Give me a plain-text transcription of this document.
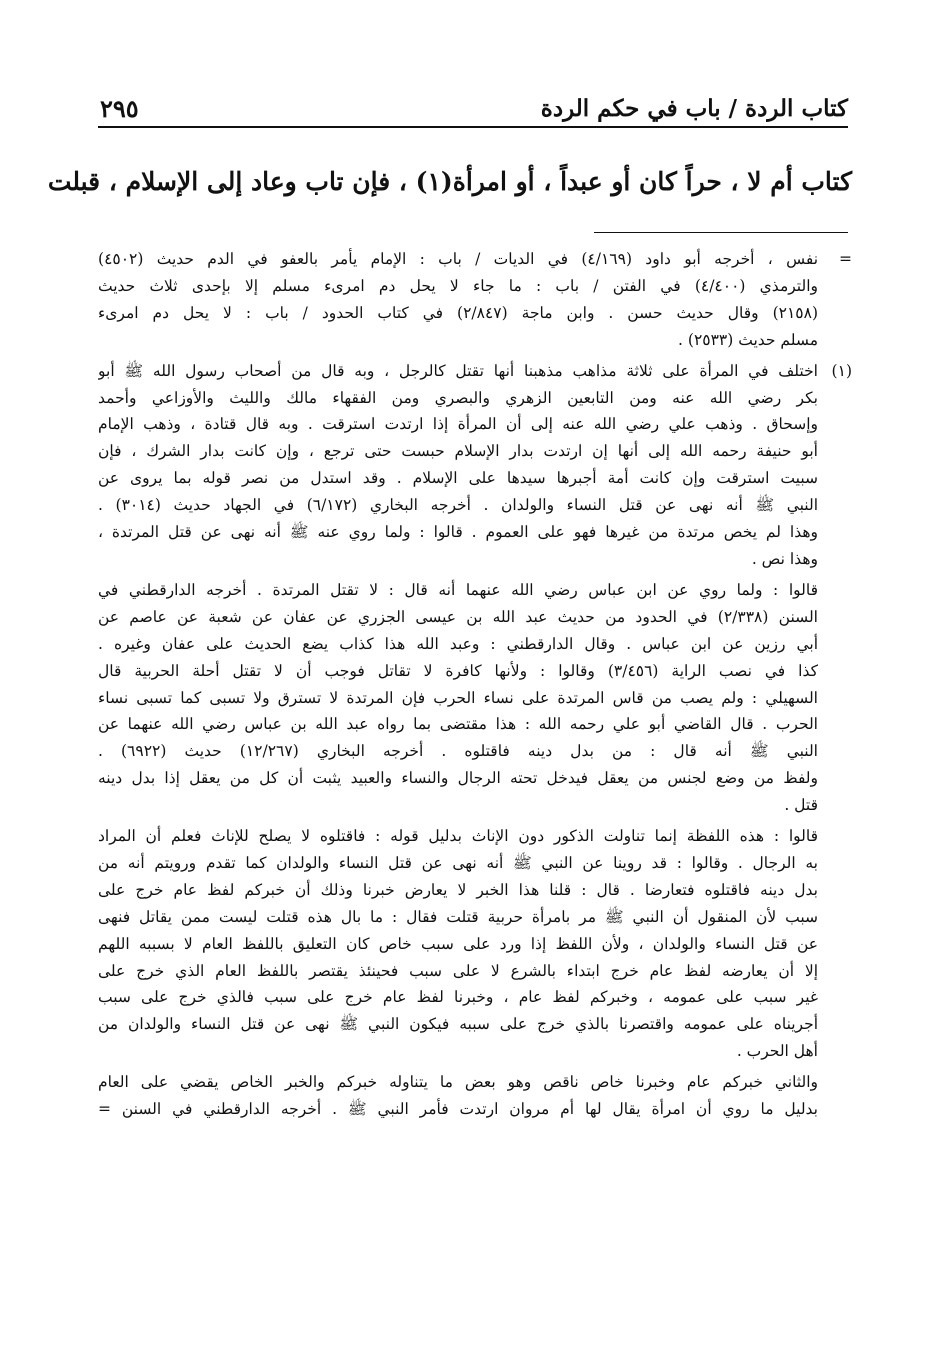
٢٩٥	كتاب الردة / باب في حكم الردة
كتاب أم لا ، حراً كان أو عبداً ، أو امرأة(١) ، فإن تاب وعاد إلى الإسلام ، قبلت
=
نفس ، أخرجه أبو داود (٤/١٦٩) في الديات / باب : الإمام يأمر بالعفو في الدم حديث (٤٥٠٢)
والترمذي (٤/٤٠٠) في الفتن / باب : ما جاء لا يحل دم امرىء مسلم إلا بإحدى ثلاث حديث
(٢١٥٨) وقال حديث حسن . وابن ماجة (٢/٨٤٧) في كتاب الحدود / باب : لا يحل دم امرىء
مسلم حديث (٢٥٣٣) .
(١)
اختلف في المرأة على ثلاثة مذاهب مذهبنا أنها تقتل كالرجل ، وبه قال من أصحاب رسول الله ﷺ أبو
بكر رضي الله عنه ومن التابعين الزهري والبصري ومن الفقهاء مالك والليث والأوزاعي وأحمد
وإسحاق . وذهب علي رضي الله عنه إلى أن المرأة إذا ارتدت استرقت . وبه قال قتادة ، وذهب الإمام
أبو حنيفة رحمه الله إلى أنها إن ارتدت بدار الإسلام حبست حتى ترجع ، وإن كانت بدار الشرك ، فإن
سبيت استرقت وإن كانت أمة أجبرها سيدها على الإسلام . وقد استدل من نصر قوله بما يروى عن
النبي ﷺ أنه نهى عن قتل النساء والولدان . أخرجه البخاري (٦/١٧٢) في الجهاد حديث (٣٠١٤) .
وهذا لم يخص مرتدة من غيرها فهو على العموم . قالوا : ولما روي عنه ﷺ أنه نهى عن قتل المرتدة ،
وهذا نص .
قالوا : ولما روي عن ابن عباس رضي الله عنهما أنه قال : لا تقتل المرتدة . أخرجه الدارقطني في
السنن (٢/٣٣٨) في الحدود من حديث عبد الله بن عيسى الجزري عن عفان عن شعبة عن عاصم عن
أبي رزين عن ابن عباس . وقال الدارقطني : وعبد الله هذا كذاب يضع الحديث على عفان وغيره .
كذا في نصب الراية (٣/٤٥٦) وقالوا : ولأنها كافرة لا تقاتل فوجب أن لا تقتل أحلة الحربية قال
السهيلي : ولم يصب من قاس المرتدة على نساء الحرب فإن المرتدة لا تسترق ولا تسبى كما تسبى نساء
الحرب . قال القاضي أبو علي رحمه الله : هذا مقتضى بما رواه عبد الله بن عباس رضي الله عنهما عن
النبي ﷺ أنه قال : من بدل دينه فاقتلوه . أخرجه البخاري (١٢/٢٦٧) حديث (٦٩٢٢) .
ولفظ من وضع لجنس من يعقل فيدخل تحته الرجال والنساء والعبيد يثبت أن كل من يعقل إذا بدل دينه
قتل .
قالوا : هذه اللفظة إنما تناولت الذكور دون الإناث بدليل قوله : فاقتلوه لا يصلح للإناث فعلم أن المراد
به الرجال . وقالوا : قد روينا عن النبي ﷺ أنه نهى عن قتل النساء والولدان كما تقدم ورويتم أنه من
بدل دينه فاقتلوه فتعارضا . قال : قلنا هذا الخبر لا يعارض خبرنا وذلك أن خبركم لفظ عام خرج على
سبب لأن المنقول أن النبي ﷺ مر بامرأة حربية قتلت فقال : ما بال هذه قتلت ليست ممن يقاتل فنهى
عن قتل النساء والولدان ، ولأن اللفظ إذا ورد على سبب خاص كان التعليق باللفظ العام لا بسببه اللهم
إلا أن يعارضه لفظ عام خرج ابتداء بالشرع لا على سبب فحينئذ يقتصر باللفظ العام الذي خرج على
غير سبب على عمومه ، وخبركم لفظ عام ، وخبرنا لفظ عام خرج على سبب فالذي خرج على سبب
أجريناه على عمومه واقتصرنا بالذي خرج على سببه فيكون النبي ﷺ نهى عن قتل النساء والولدان من
أهل الحرب .
والثاني خبركم عام وخبرنا خاص ناقص وهو بعض ما يتناوله خبركم والخبر الخاص يقضي على العام
بدليل ما روي أن امرأة يقال لها أم مروان ارتدت فأمر النبي ﷺ . أخرجه الدارقطني في السنن =
